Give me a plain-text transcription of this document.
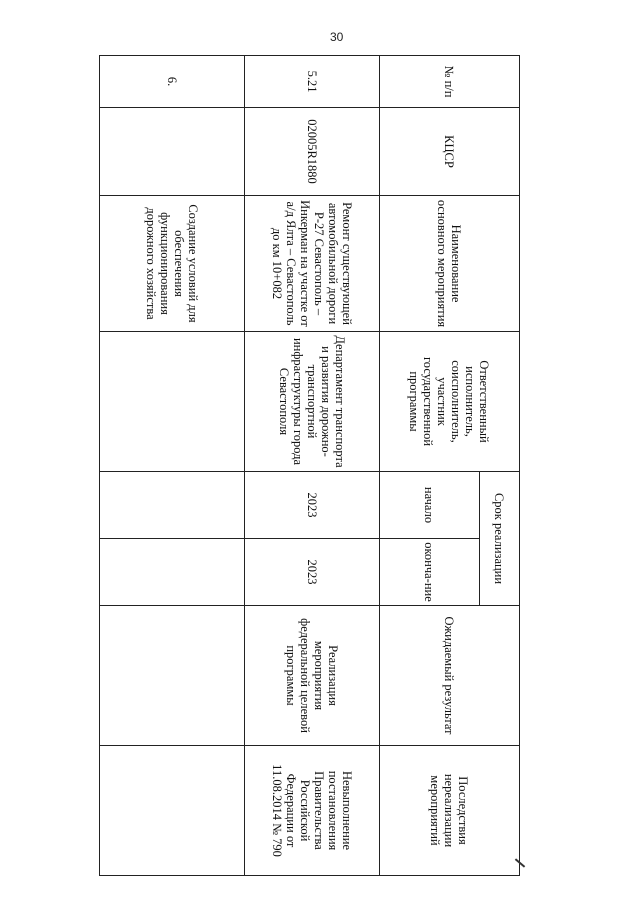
30
№ п/п	КЦСР	Наименование основного мероприятия	Ответственный исполнитель, соисполнитель, участник государственной программы	Срок реализации		Ожидаемый результат	Последствия нереализации мероприятий
				начало	оконча-ние		
5.21	02005R1880	Ремонт существующей автомобильной дороги Р-27 Севастополь – Инкерман на участке от а/д Ялта – Севастополь до км 10+082	Департамент транспорта и развития дорожно-транспортной инфраструктуры города Севастополя	2023	2023	Реализация мероприятия федеральной целевой программы	Невыполнение постановления Правительства Российской Федерации от 11.08.2014 № 790
6.		Создание условий для обеспечения функционирования дорожного хозяйства					
